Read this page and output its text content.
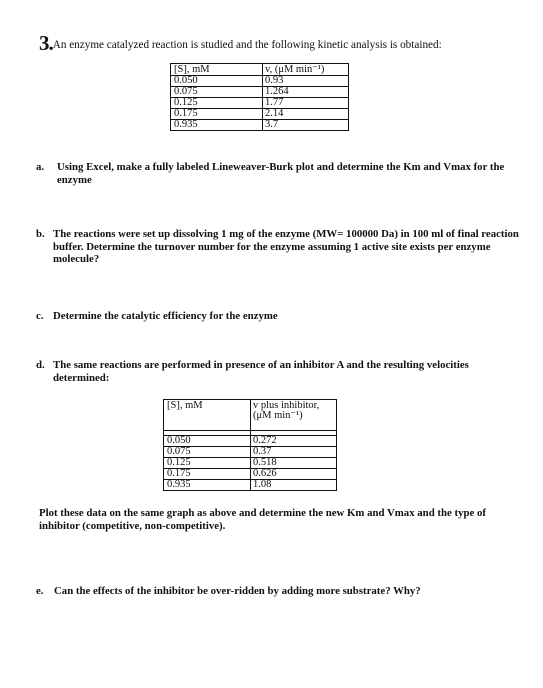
3.An enzyme catalyzed reaction is studied and the following kinetic analysis is obtained:
[S], mM	v, (μM min⁻¹)
0.050	0.93
0.075	1.264
0.125	1.77
0.175	2.14
0.935	3.7
a. Using Excel, make a fully labeled Lineweaver-Burk plot and determine the Km and Vmax for the enzyme
b. The reactions were set up dissolving 1 mg of the enzyme (MW= 100000 Da) in 100 ml of final reaction buffer. Determine the turnover number for the enzyme assuming 1 active site exists per enzyme molecule?
c. Determine the catalytic efficiency for the enzyme
d. The same reactions are performed in presence of an inhibitor A and the resulting velocities determined:
[S], mM	v plus inhibitor, (μM min⁻¹)

0.050	0.272
0.075	0.37
0.125	0.518
0.175	0.626
0.935	1.08
Plot these data on the same graph as above and determine the new Km and Vmax and the type of inhibitor (competitive, non-competitive).
e. Can the effects of the inhibitor be over-ridden by adding more substrate? Why?
